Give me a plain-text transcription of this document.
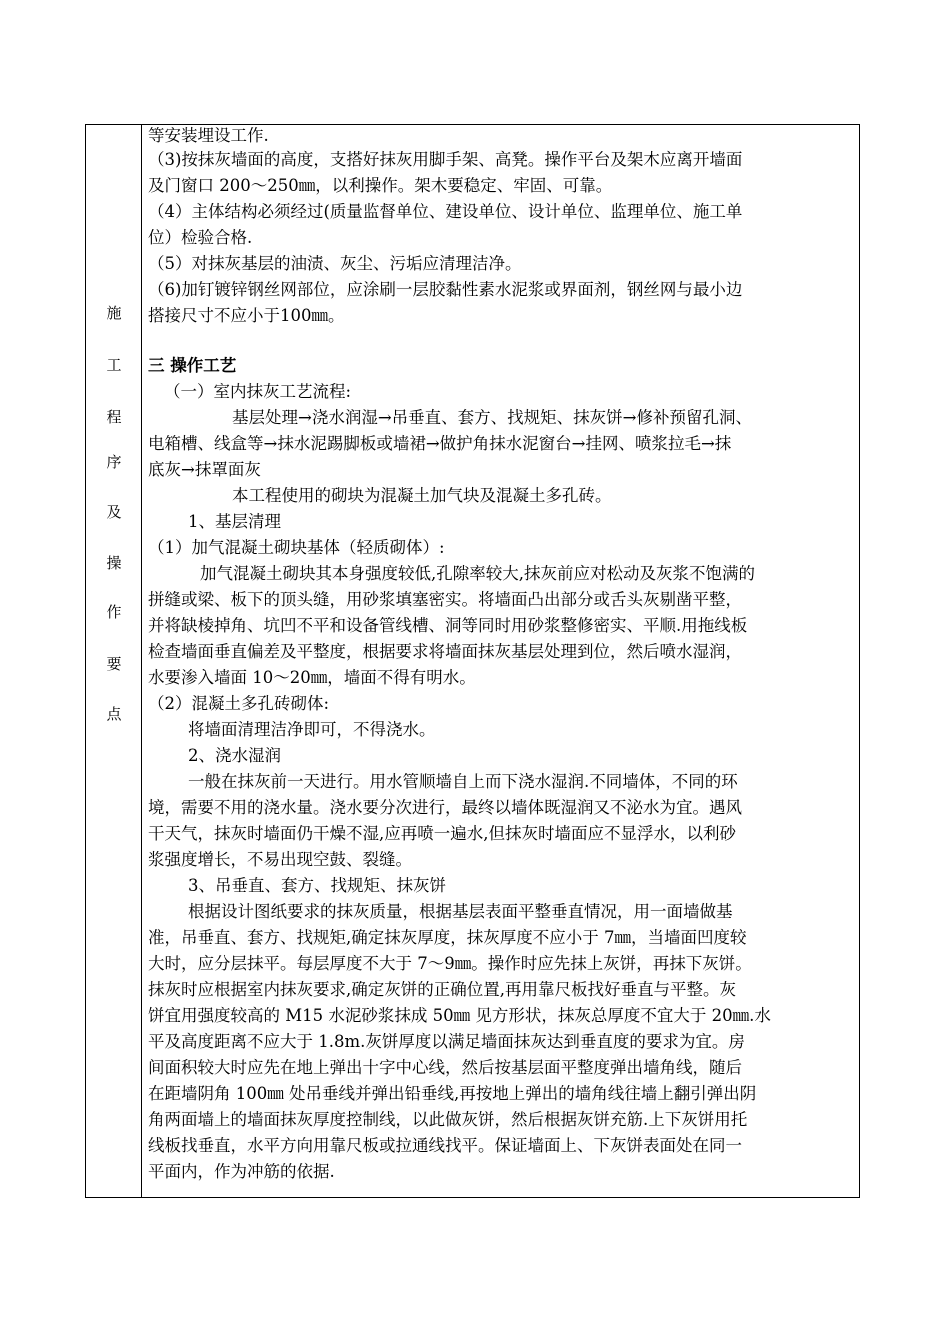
施
工
程
序
及
操
作
要
点
等安装埋设工作.
（3)按抹灰墙面的高度，支搭好抹灰用脚手架、高凳。操作平台及架木应离开墙面
及门窗口 200～250㎜，以利操作。架木要稳定、牢固、可靠。
（4）主体结构必须经过(质量监督单位、建设单位、设计单位、监理单位、施工单
位）检验合格.
（5）对抹灰基层的油渍、灰尘、污垢应清理洁净。
（6)加钉镀锌钢丝网部位，应涂刷一层胶黏性素水泥浆或界面剂，钢丝网与最小边
搭接尺寸不应小于100㎜。
三 操作工艺
（一）室内抹灰工艺流程:
基层处理→浇水润湿→吊垂直、套方、找规矩、抹灰饼→修补预留孔洞、
电箱槽、线盒等→抹水泥踢脚板或墙裙→做护角抹水泥窗台→挂网、喷浆拉毛→抹
底灰→抹罩面灰
本工程使用的砌块为混凝土加气块及混凝土多孔砖。
1、基层清理
（1）加气混凝土砌块基体（轻质砌体）:
加气混凝土砌块其本身强度较低,孔隙率较大,抹灰前应对松动及灰浆不饱满的
拼缝或梁、板下的顶头缝，用砂浆填塞密实。将墙面凸出部分或舌头灰剔凿平整，
并将缺棱掉角、坑凹不平和设备管线槽、洞等同时用砂浆整修密实、平顺.用拖线板
检查墙面垂直偏差及平整度，根据要求将墙面抹灰基层处理到位，然后喷水湿润，
水要渗入墙面 10～20㎜，墙面不得有明水。
（2）混凝土多孔砖砌体:
将墙面清理洁净即可，不得浇水。
2、浇水湿润
一般在抹灰前一天进行。用水管顺墙自上而下浇水湿润.不同墙体，不同的环
境，需要不用的浇水量。浇水要分次进行，最终以墙体既湿润又不泌水为宜。遇风
干天气，抹灰时墙面仍干燥不湿,应再喷一遍水,但抹灰时墙面应不显浮水，以利砂
浆强度增长，不易出现空鼓、裂缝。
3、吊垂直、套方、找规矩、抹灰饼
根据设计图纸要求的抹灰质量，根据基层表面平整垂直情况，用一面墙做基
准，吊垂直、套方、找规矩,确定抹灰厚度，抹灰厚度不应小于 7㎜，当墙面凹度较
大时，应分层抹平。每层厚度不大于 7～9㎜。操作时应先抹上灰饼，再抹下灰饼。
抹灰时应根据室内抹灰要求,确定灰饼的正确位置,再用靠尺板找好垂直与平整。灰
饼宜用强度较高的 M15 水泥砂浆抹成 50㎜ 见方形状，抹灰总厚度不宜大于 20㎜.水
平及高度距离不应大于 1.8m.灰饼厚度以满足墙面抹灰达到垂直度的要求为宜。房
间面积较大时应先在地上弹出十字中心线，然后按基层面平整度弹出墙角线，随后
在距墙阴角 100㎜ 处吊垂线并弹出铅垂线,再按地上弹出的墙角线往墙上翻引弹出阴
角两面墙上的墙面抹灰厚度控制线，以此做灰饼，然后根据灰饼充筋.上下灰饼用托
线板找垂直，水平方向用靠尺板或拉通线找平。保证墙面上、下灰饼表面处在同一
平面内，作为冲筋的依据.
